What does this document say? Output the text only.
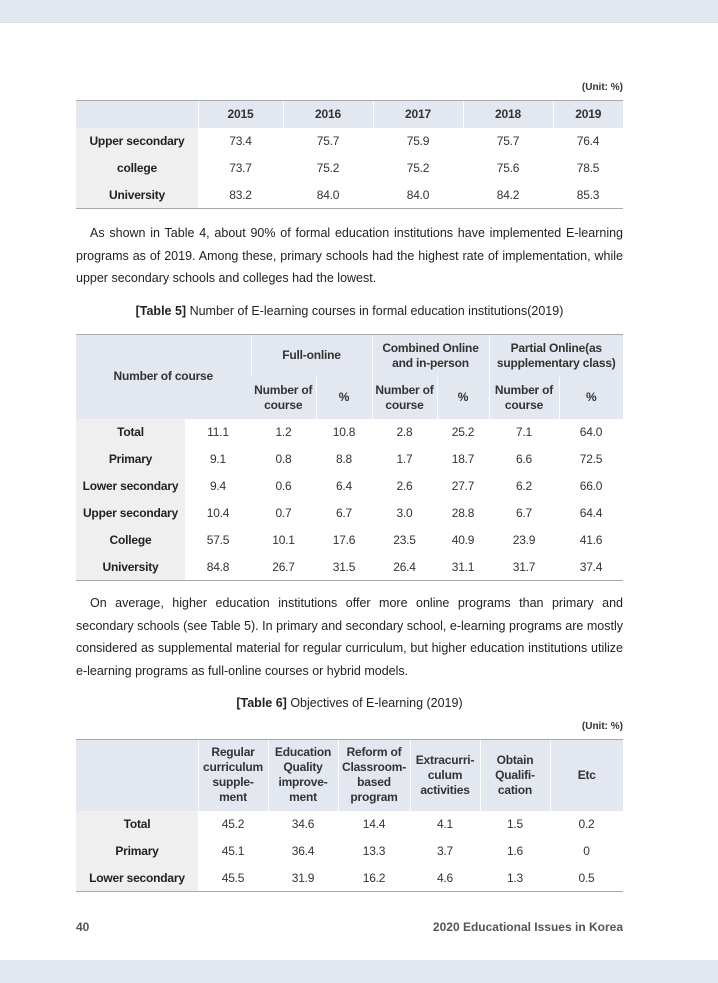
(Unit: %)
	2015	2016	2017	2018	2019
Upper secondary	73.4	75.7	75.9	75.7	76.4
college	73.7	75.2	75.2	75.6	78.5
University	83.2	84.0	84.0	84.2	85.3

As shown in Table 4, about 90% of formal education institutions have implemented E-learning programs as of 2019. Among these, primary schools had the highest rate of implementation, while upper secondary schools and colleges had the lowest.

[Table 5] Number of E-learning courses in formal education institutions(2019)

Number of course		Full-online		Combined Online and in-person		Partial Online(as supplementary class)	
		Number of course	%	Number of course	%	Number of course	%
Total	11.1	1.2	10.8	2.8	25.2	7.1	64.0
Primary	9.1	0.8	8.8	1.7	18.7	6.6	72.5
Lower secondary	9.4	0.6	6.4	2.6	27.7	6.2	66.0
Upper secondary	10.4	0.7	6.7	3.0	28.8	6.7	64.4
College	57.5	10.1	17.6	23.5	40.9	23.9	41.6
University	84.8	26.7	31.5	26.4	31.1	31.7	37.4

On average, higher education institutions offer more online programs than primary and secondary schools (see Table 5). In primary and secondary school, e-learning programs are mostly considered as supplemental material for regular curriculum, but higher education institutions utilize e-learning programs as full-online courses or hybrid models.

[Table 6] Objectives of E-learning (2019)

(Unit: %)
	Regular curriculum supple-ment	Education Quality improve-ment	Reform of Classroom-based program	Extracurri-culum activities	Obtain Qualifi-cation	Etc
Total	45.2	34.6	14.4	4.1	1.5	0.2
Primary	45.1	36.4	13.3	3.7	1.6	0
Lower secondary	45.5	31.9	16.2	4.6	1.3	0.5
40	2020 Educational Issues in Korea
